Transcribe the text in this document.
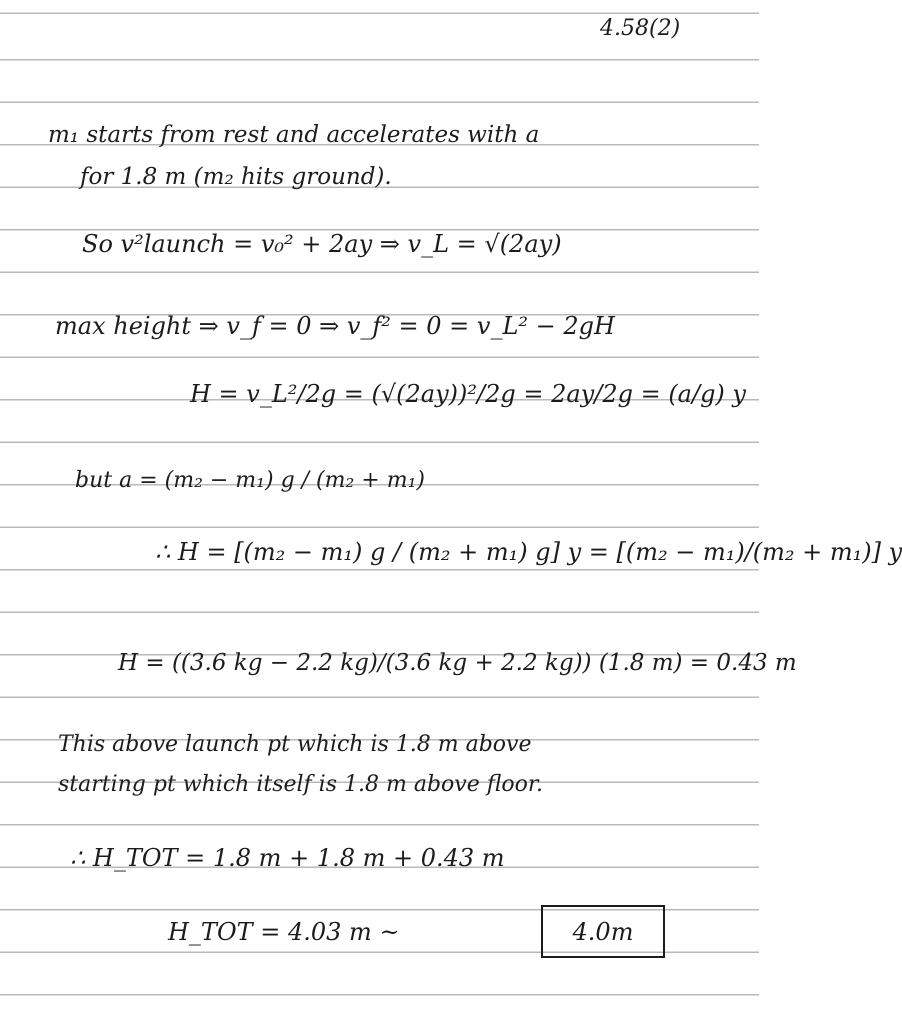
4.58(2)
m₁ starts from rest and accelerates with a
for 1.8 m (m₂ hits ground).
So v²launch = v₀² + 2ay ⇒ v_L = √(2ay)
max height ⇒ v_f = 0 ⇒ v_f² = 0 = v_L² − 2gH
H = v_L²/2g = (√(2ay))²/2g = 2ay/2g = (a/g) y
but a = (m₂ − m₁) g / (m₂ + m₁)
∴ H = [(m₂ − m₁) g / (m₂ + m₁) g] y = [(m₂ − m₁)/(m₂ + m₁)] y
H = ((3.6 kg − 2.2 kg)/(3.6 kg + 2.2 kg)) (1.8 m) = 0.43 m
This above launch pt which is 1.8 m above
starting pt which itself is 1.8 m above floor.
∴ H_TOT = 1.8 m + 1.8 m + 0.43 m
H_TOT = 4.03 m ~	4.0m
